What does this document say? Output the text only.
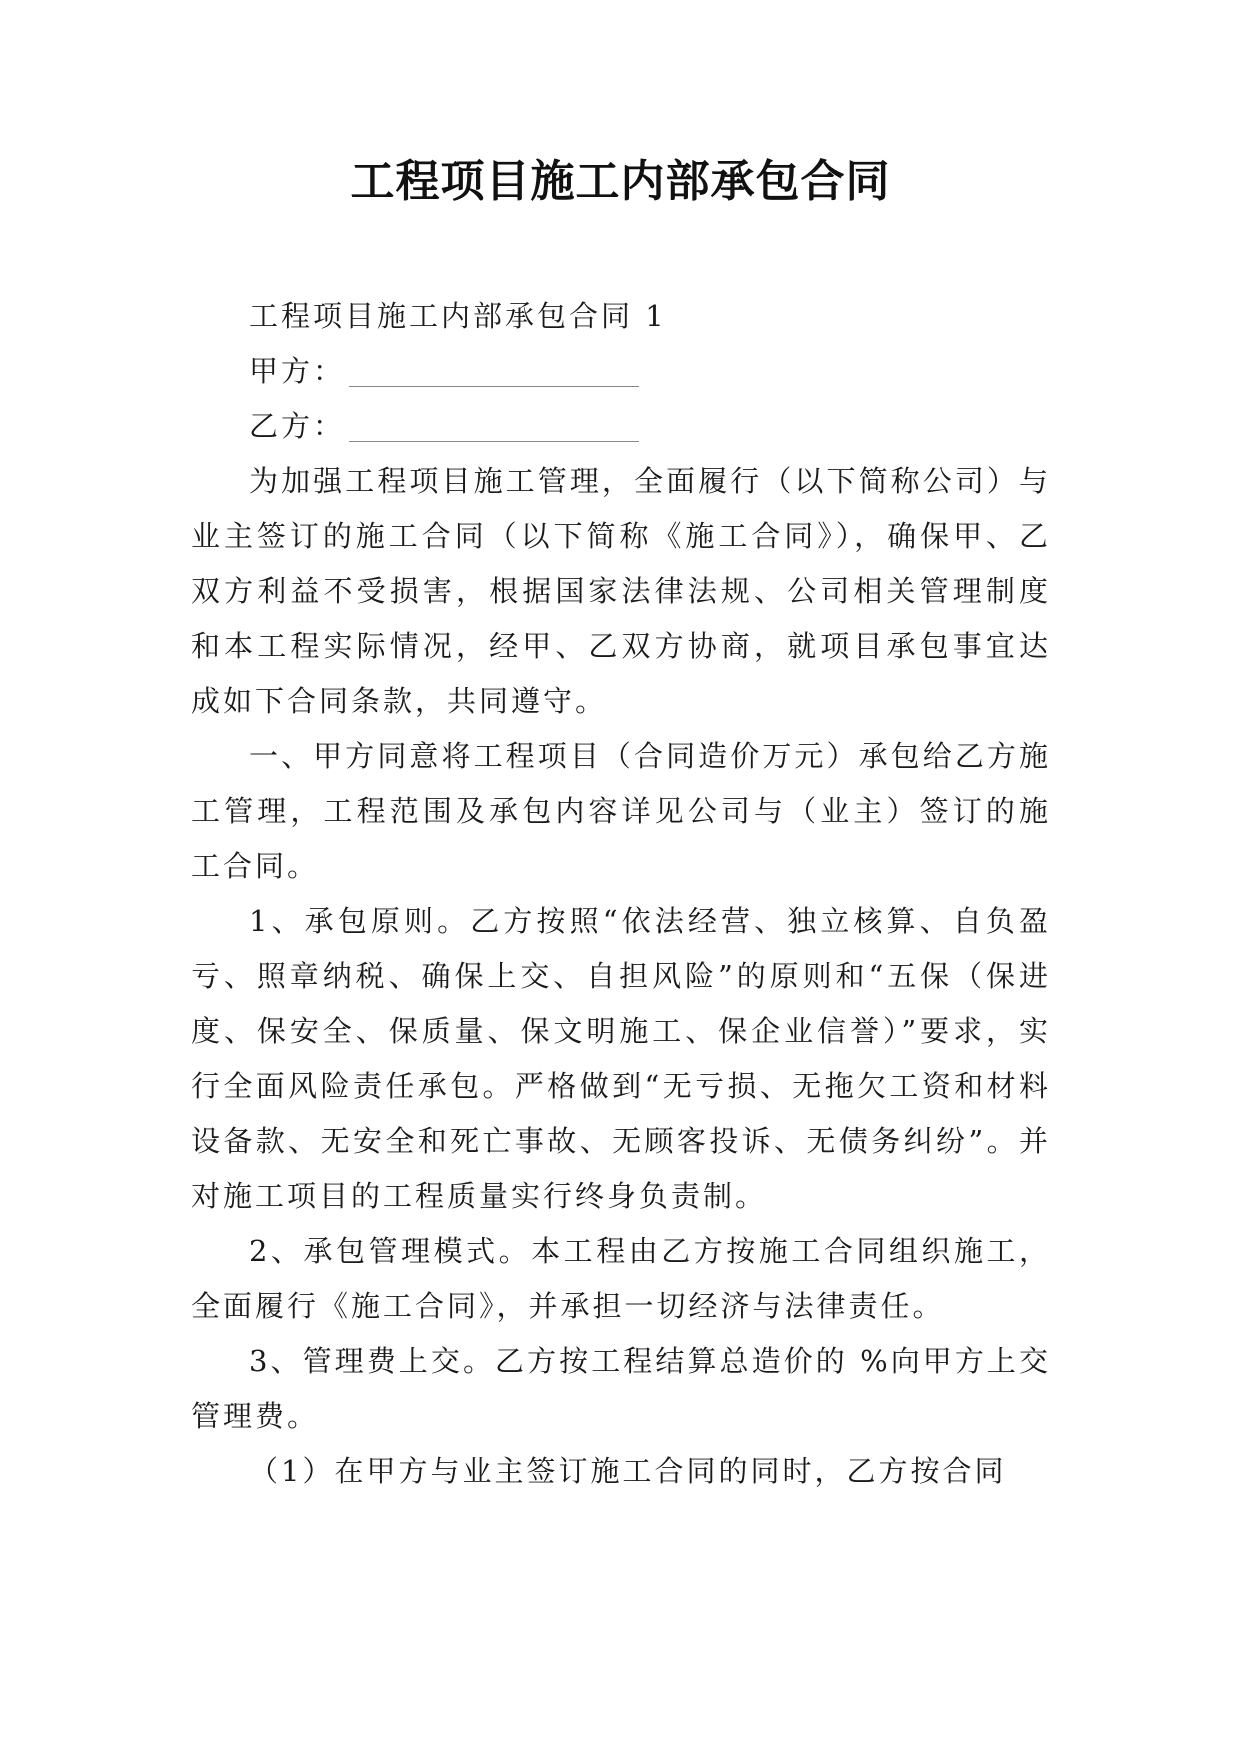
工程项目施工内部承包合同

工程项目施工内部承包合同 1

甲方：

乙方：

为加强工程项目施工管理，全面履行（以下简称公司）与业主签订的施工合同（以下简称《施工合同》），确保甲、乙双方利益不受损害，根据国家法律法规、公司相关管理制度和本工程实际情况，经甲、乙双方协商，就项目承包事宜达成如下合同条款，共同遵守。

一、甲方同意将工程项目（合同造价万元）承包给乙方施工管理，工程范围及承包内容详见公司与（业主）签订的施工合同。

1、承包原则。乙方按照“依法经营、独立核算、自负盈亏、照章纳税、确保上交、自担风险”的原则和“五保（保进度、保安全、保质量、保文明施工、保企业信誉）”要求，实行全面风险责任承包。严格做到“无亏损、无拖欠工资和材料设备款、无安全和死亡事故、无顾客投诉、无债务纠纷”。并对施工项目的工程质量实行终身负责制。

2、承包管理模式。本工程由乙方按施工合同组织施工，全面履行《施工合同》，并承担一切经济与法律责任。

3、管理费上交。乙方按工程结算总造价的 %向甲方上交管理费。

（1）在甲方与业主签订施工合同的同时，乙方按合同
